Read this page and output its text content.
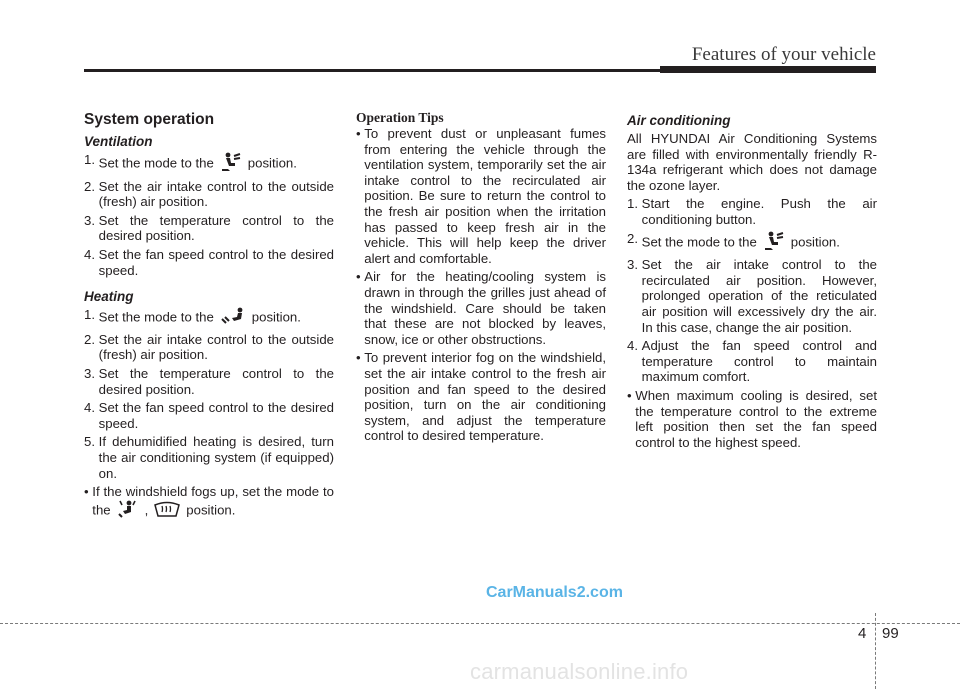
Features of your vehicle
System operation
Ventilation
1. Set the mode to the	position.
2. Set the air intake control to the outside (fresh) air position.
3. Set the temperature control to the desired position.
4. Set the fan speed control to the desired speed.
Heating
1. Set the mode to the	position.
2. Set the air intake control to the outside (fresh) air position.
3. Set the temperature control to the desired position.
4. Set the fan speed control to the desired speed.
5. If dehumidified heating is desired, turn the air conditioning system (if equipped) on.
• If the windshield fogs up, set the mode to the	,	position.
Operation Tips
• To prevent dust or unpleasant fumes from entering the vehicle through the ventilation system, temporarily set the air intake control to the recirculated air position. Be sure to return the control to the fresh air position when the irritation has passed to keep fresh air in the vehicle. This will help keep the driver alert and comfortable.
• Air for the heating/cooling system is drawn in through the grilles just ahead of the windshield. Care should be taken that these are not blocked by leaves, snow, ice or other obstructions.
• To prevent interior fog on the windshield, set the air intake control to the fresh air position and fan speed to the desired position, turn on the air conditioning system, and adjust the temperature control to desired temperature.
Air conditioning
All HYUNDAI Air Conditioning Systems are filled with environmentally friendly R-134a refrigerant which does not damage the ozone layer.
1. Start the engine. Push the air conditioning button.
2. Set the mode to the	position.
3. Set the air intake control to the recirculated air position. However, prolonged operation of the reticulated air position will excessively dry the air. In this case, change the air position.
4. Adjust the fan speed control and temperature control to maintain maximum comfort.
• When maximum cooling is desired, set the temperature control to the extreme left position then set the fan speed control to the highest speed.
CarManuals2.com
4 99
carmanualsonline.info
